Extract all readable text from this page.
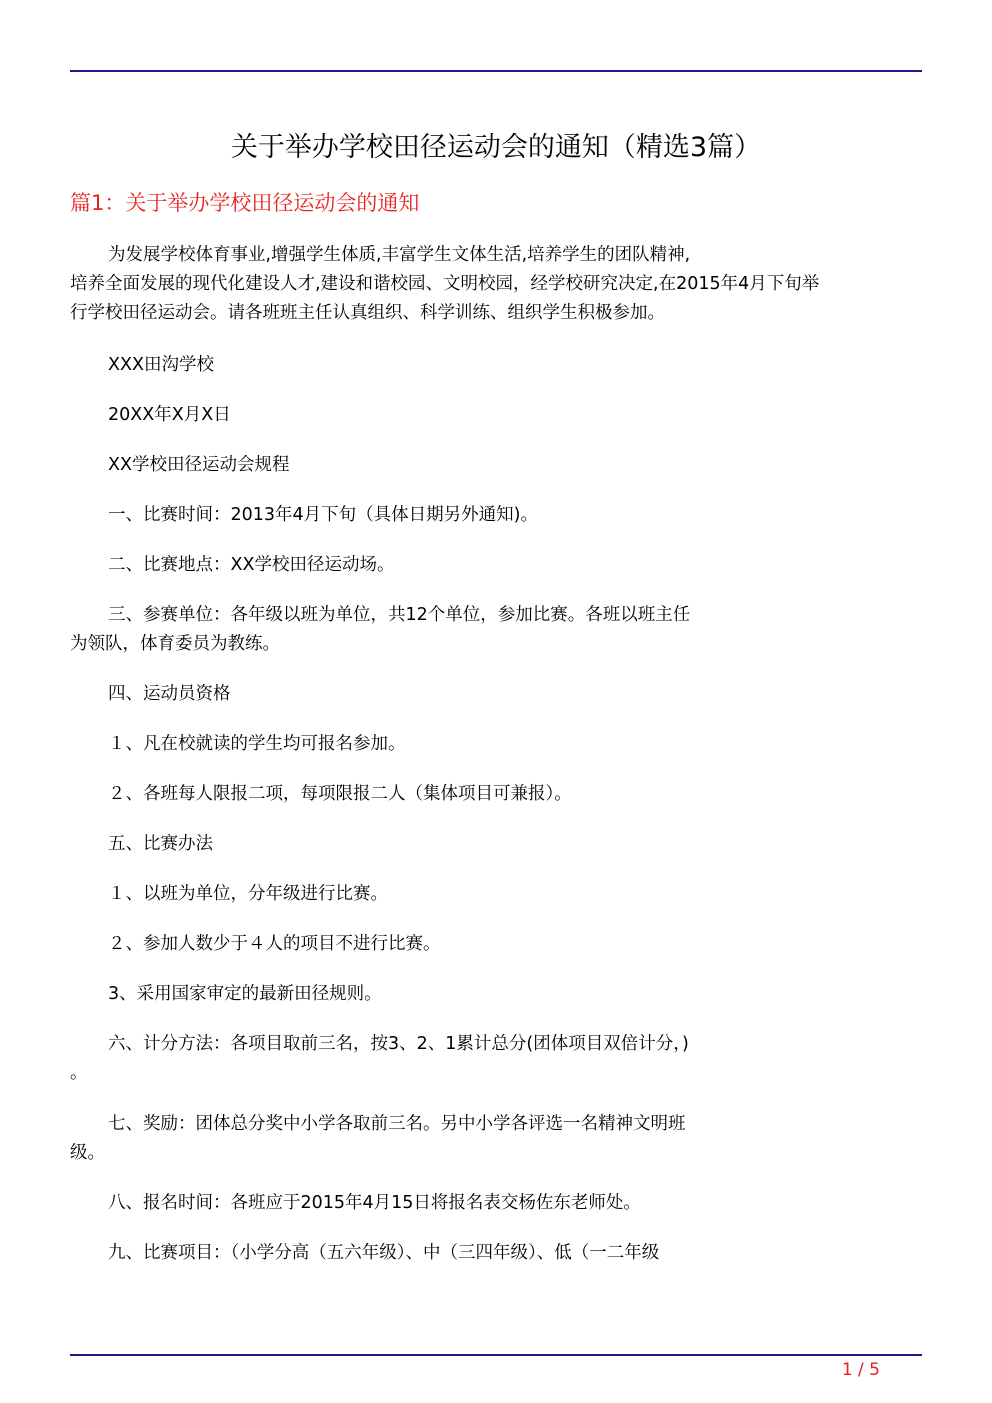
关于举办学校田径运动会的通知（精选3篇）
篇1：关于举办学校田径运动会的通知

为发展学校体育事业,增强学生体质,丰富学生文体生活,培养学生的团队精神,
培养全面发展的现代化建设人才,建设和谐校园、文明校园，经学校研究决定,在2015年4月下旬举
行学校田径运动会。请各班班主任认真组织、科学训练、组织学生积极参加。

XXX田沟学校

20XX年X月X日

XX学校田径运动会规程

一、比赛时间：2013年4月下旬（具体日期另外通知)。

二、比赛地点：XX学校田径运动场。

三、参赛单位：各年级以班为单位，共12个单位，参加比赛。各班以班主任
为领队，体育委员为教练。

四、运动员资格

１、凡在校就读的学生均可报名参加。

２、各班每人限报二项，每项限报二人（集体项目可兼报）。

五、比赛办法

１、以班为单位，分年级进行比赛。

２、参加人数少于４人的项目不进行比赛。

3、采用国家审定的最新田径规则。

六、计分方法：各项目取前三名，按3、2、1累计总分(团体项目双倍计分，)
。

七、奖励：团体总分奖中小学各取前三名。另中小学各评选一名精神文明班
级。

八、报名时间：各班应于2015年4月15日将报名表交杨佐东老师处。

九、比赛项目：（小学分高（五六年级）、中（三四年级）、低（一二年级

1 / 5
